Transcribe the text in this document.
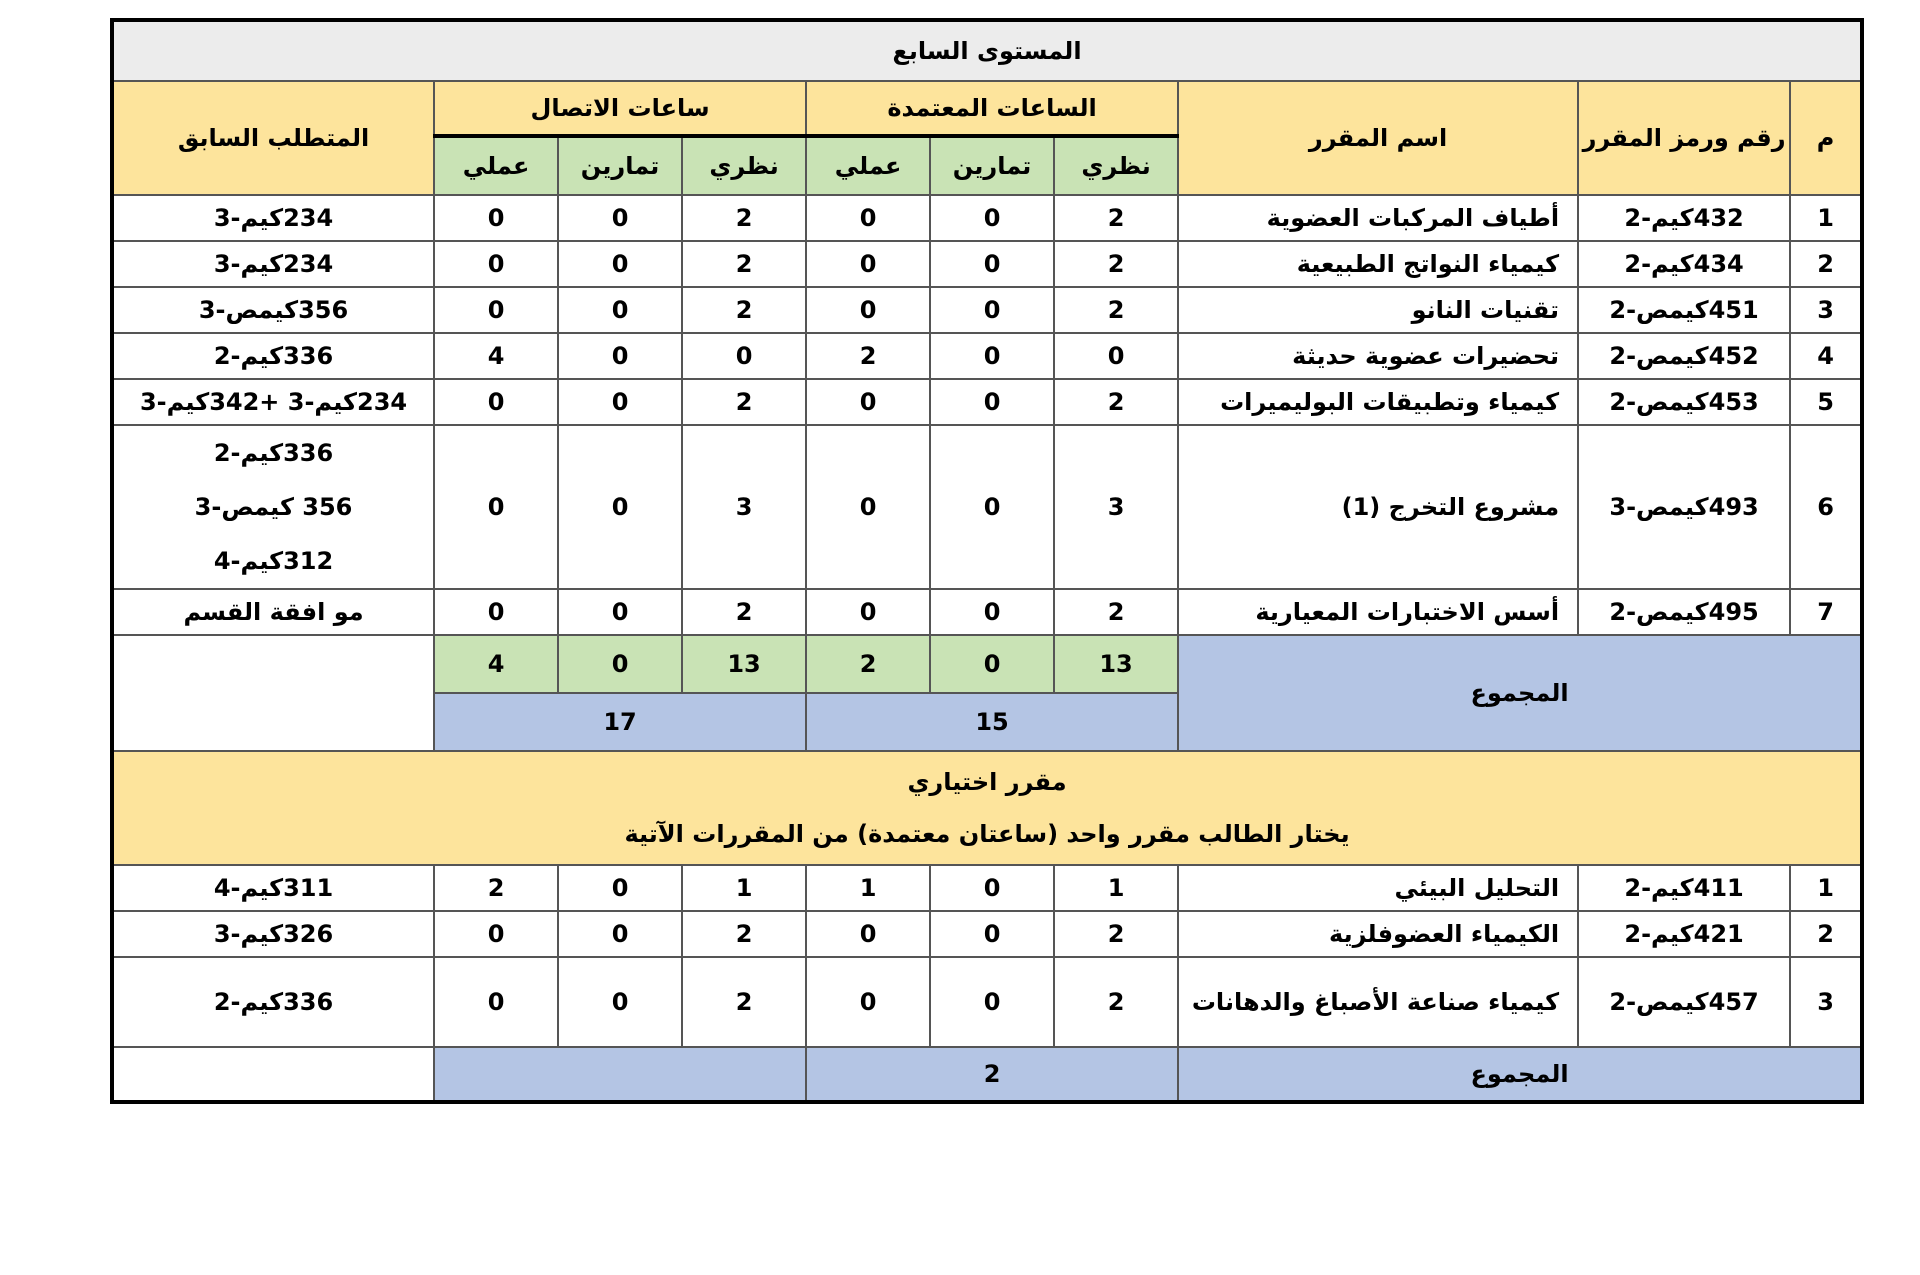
المستوى السابع									
م	رقم ورمز المقرر	اسم المقرر	الساعات المعتمدة			ساعات الاتصال			المتطلب السابق
			نظري	تمارين	عملي	نظري	تمارين	عملي	
1	432كيم-2	أطياف المركبات العضوية	2	0	0	2	0	0	234كيم-3

2	434كيم-2	كيمياء النواتج الطبيعية	2	0	0	2	0	0	234كيم-3

3	451كيمص-2	تقنيات النانو	2	0	0	2	0	0	356كيمص-3

4	452كيمص-2	تحضيرات عضوية حديثة	0	0	2	0	0	4	336كيم-2

5	453كيمص-2	كيمياء وتطبيقات البوليميرات	2	0	0	2	0	0	234كيم-3 +342كيم-3

6	493كيمص-3	مشروع التخرج (1)	3	0	0	3	0	0	336كيم-2
356 كيمص-3
312كيم-4

7	495كيمص-2	أسس الاختبارات المعيارية	2	0	0	2	0	0	مو افقة القسم

المجموع			13	0	2	13	0	4	
			15			17			

مقرر اختياري
يختار الطالب مقرر واحد (ساعتان معتمدة) من المقررات الآتية									

1	411كيم-2	التحليل البيئي	1	0	1	1	0	2	311كيم-4

2	421كيم-2	الكيمياء العضوفلزية	2	0	0	2	0	0	326كيم-3

3	457كيمص-2	كيمياء صناعة الأصباغ والدهانات	2	0	0	2	0	0	336كيم-2

المجموع			2						
